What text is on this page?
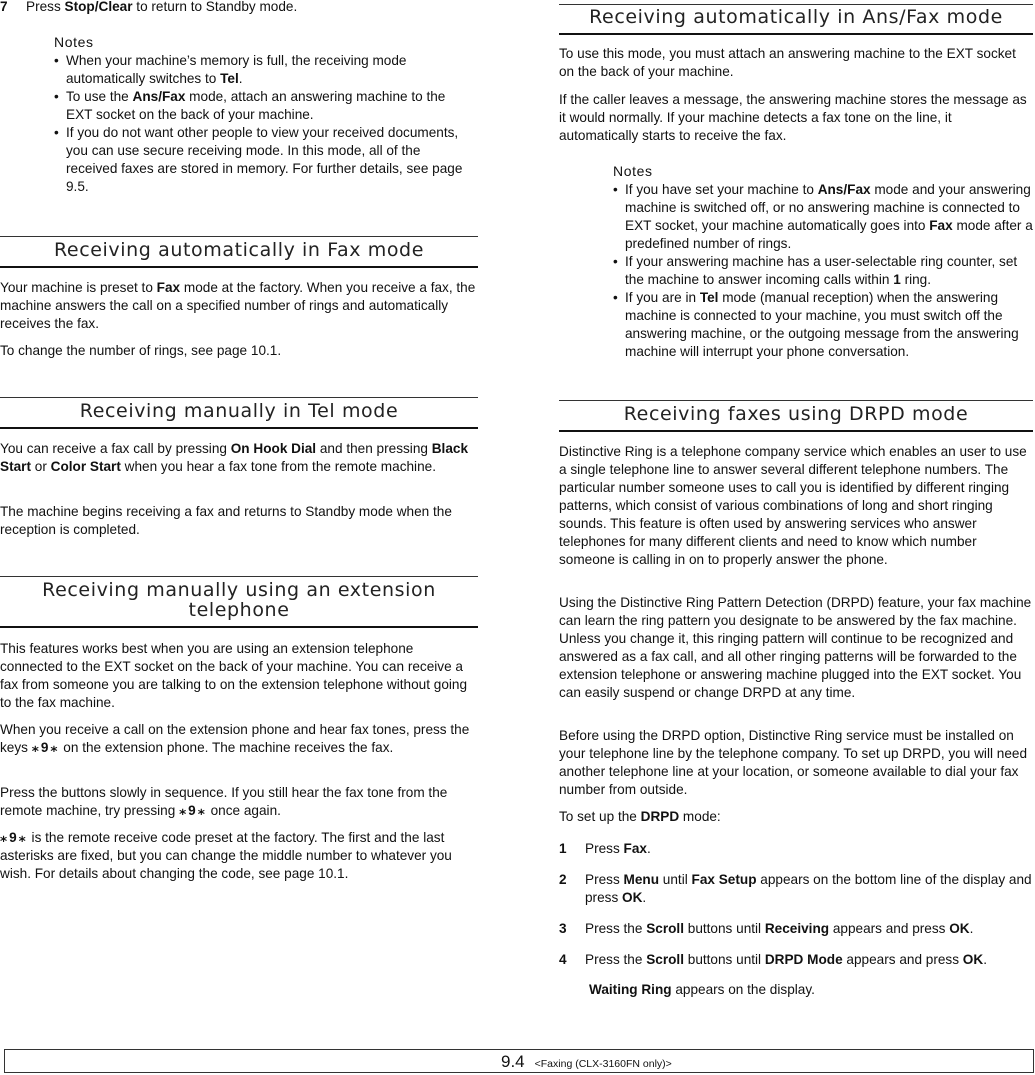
7	Press Stop/Clear to return to Standby mode.
Notes
• When your machine’s memory is full, the receiving mode automatically switches to Tel.
• To use the Ans/Fax mode, attach an answering machine to the EXT socket on the back of your machine.
• If you do not want other people to view your received documents, you can use secure receiving mode. In this mode, all of the received faxes are stored in memory. For further details, see page 9.5.
Receiving automatically in Fax mode

Your machine is preset to Fax mode at the factory. When you receive a fax, the machine answers the call on a specified number of rings and automatically receives the fax.

To change the number of rings, see page 10.1.

Receiving manually in Tel mode

You can receive a fax call by pressing On Hook Dial and then pressing Black Start or Color Start when you hear a fax tone from the remote machine.

The machine begins receiving a fax and returns to Standby mode when the reception is completed.

Receiving manually using an extension
telephone

This features works best when you are using an extension telephone connected to the EXT socket on the back of your machine. You can receive a fax from someone you are talking to on the extension telephone without going to the fax machine.

When you receive a call on the extension phone and hear fax tones, press the keys ⁎9⁎ on the extension phone. The machine receives the fax.

Press the buttons slowly in sequence. If you still hear the fax tone from the remote machine, try pressing ⁎9⁎ once again.

⁎9⁎ is the remote receive code preset at the factory. The first and the last asterisks are fixed, but you can change the middle number to whatever you wish. For details about changing the code, see page 10.1.

Receiving automatically in Ans/Fax mode

To use this mode, you must attach an answering machine to the EXT socket on the back of your machine.

If the caller leaves a message, the answering machine stores the message as it would normally. If your machine detects a fax tone on the line, it automatically starts to receive the fax.

Notes
• If you have set your machine to Ans/Fax mode and your answering machine is switched off, or no answering machine is connected to EXT socket, your machine automatically goes into Fax mode after a predefined number of rings.
• If your answering machine has a user-selectable ring counter, set the machine to answer incoming calls within 1 ring.
• If you are in Tel mode (manual reception) when the answering machine is connected to your machine, you must switch off the answering machine, or the outgoing message from the answering machine will interrupt your phone conversation.
Receiving faxes using DRPD mode

Distinctive Ring is a telephone company service which enables an user to use a single telephone line to answer several different telephone numbers. The particular number someone uses to call you is identified by different ringing patterns, which consist of various combinations of long and short ringing sounds. This feature is often used by answering services who answer telephones for many different clients and need to know which number someone is calling in on to properly answer the phone.

Using the Distinctive Ring Pattern Detection (DRPD) feature, your fax machine can learn the ring pattern you designate to be answered by the fax machine. Unless you change it, this ringing pattern will continue to be recognized and answered as a fax call, and all other ringing patterns will be forwarded to the extension telephone or answering machine plugged into the EXT socket. You can easily suspend or change DRPD at any time.

Before using the DRPD option, Distinctive Ring service must be installed on your telephone line by the telephone company. To set up DRPD, you will need another telephone line at your location, or someone available to dial your fax number from outside.

To set up the DRPD mode:

1	Press Fax.
2	Press Menu until Fax Setup appears on the bottom line of the display and press OK.
3	Press the Scroll buttons until Receiving appears and press OK.
4	Press the Scroll buttons until DRPD Mode appears and press OK.

Waiting Ring appears on the display.

9.4 <Faxing (CLX-3160FN only)>
